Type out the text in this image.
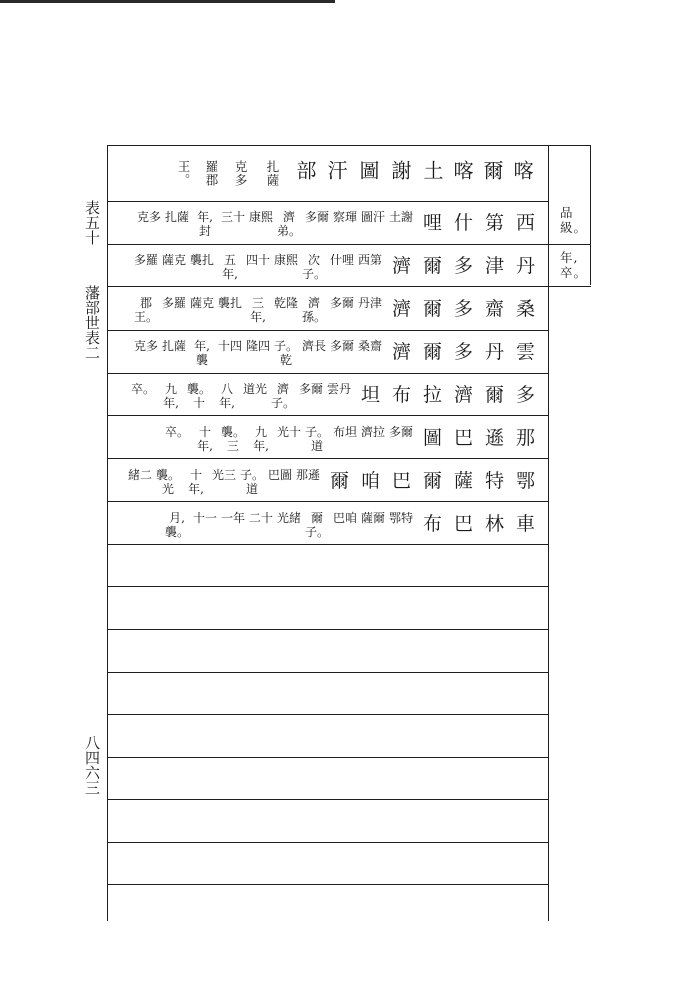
表五十
藩部世表二
八四六三
喀
爾
喀
土
謝
圖
汗
部
扎薩
克多
羅郡
王。
品級。
年,卒。
西
第
什
哩
土謝
圖汗
察琿
多爾
濟弟。
康熙
三十
年,封
扎薩
克多
丹
津
多
爾
濟
西第
什哩
次子。
康熙
四十
五年,
襲扎
薩克
多羅
桑
齋
多
爾
濟
丹津
多爾
濟孫。
乾隆
三年,
襲扎
薩克
多羅
郡王。
雲
丹
多
爾
濟
桑齋
多爾
濟長
子。乾
隆四
十四
年,襲
扎薩
克多
多
爾
濟
拉
布
坦
雲丹
多爾
濟子。
道光
八年,
襲。十
九年,
卒。
那
遜
巴
圖
多爾
濟拉
布坦
子。道
光十
九年,
襲。三
十年,
卒。
鄂
特
薩
爾
巴
咱
爾
那遜
巴圖
子。道
光三
十年,
襲。光
緒二
車
林
巴
布
鄂特
薩爾
巴咱
爾子。
光緒
二十
一年
十一
月,襲。
